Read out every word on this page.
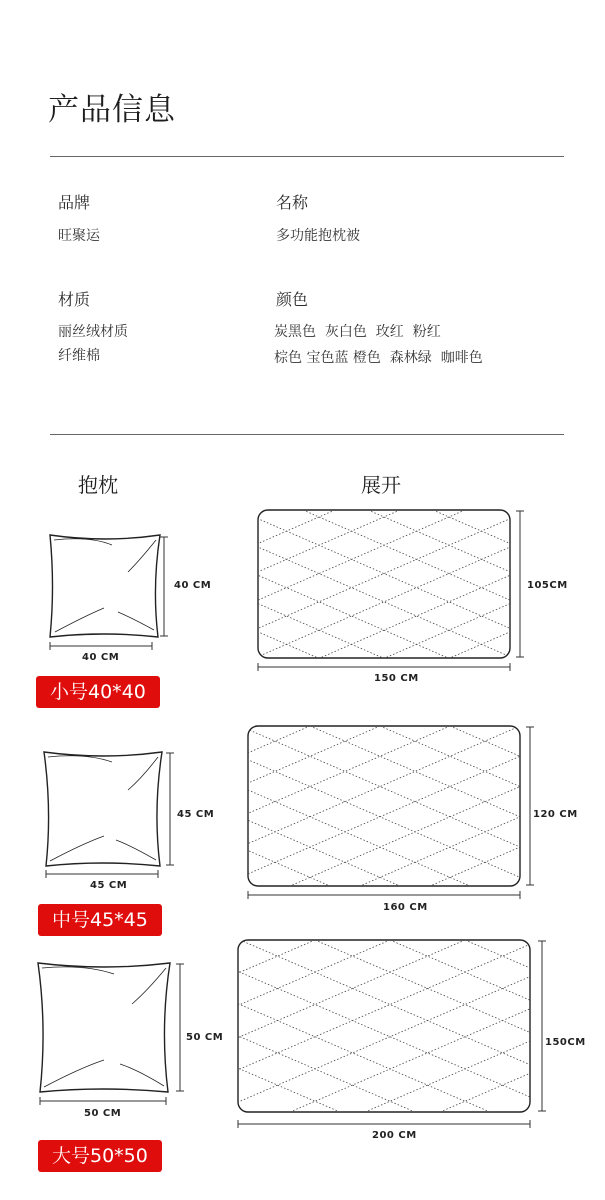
产品信息
品牌
旺聚运
名称
多功能抱枕被
材质
丽丝绒材质
纤维棉
颜色
炭黑色  灰白色  玫红  粉红
棕色 宝色蓝 橙色  森林绿  咖啡色
抱枕	展开
40 CM
40 CM
105CM
150 CM
小号40*40
45 CM
45 CM
120 CM
160 CM
中号45*45
50 CM
50 CM
150CM
200 CM
大号50*50
